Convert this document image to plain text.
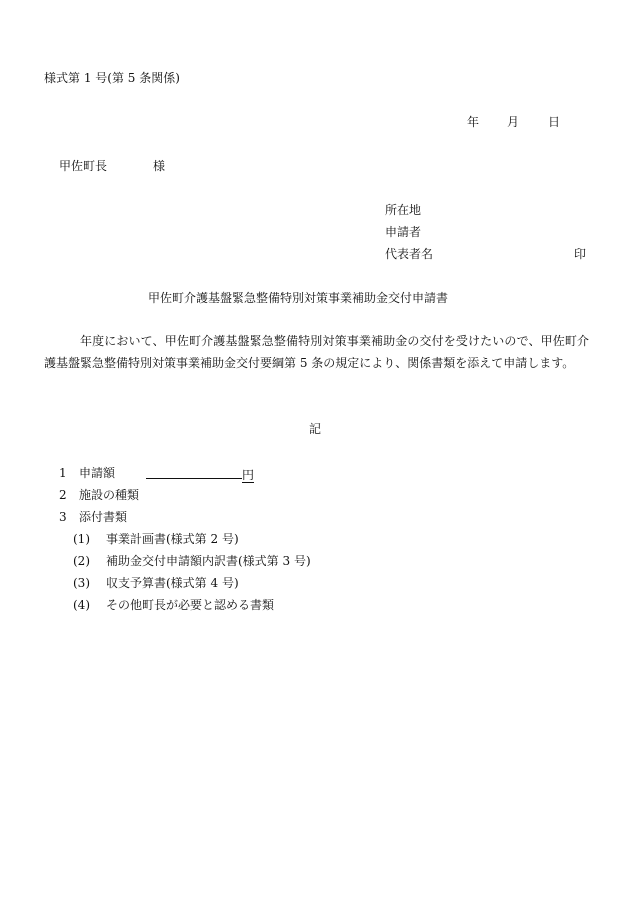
様式第 1 号(第 5 条関係)
年 月 日
甲佐町長	様
所在地
申請者
代表者名	印
甲佐町介護基盤緊急整備特別対策事業補助金交付申請書
年度において、甲佐町介護基盤緊急整備特別対策事業補助金の交付を受けたいので、甲佐町介護基盤緊急整備特別対策事業補助金交付要綱第 5 条の規定により、関係書類を添えて申請します。
記
1 申請額	円
2 施設の種類
3 添付書類
(1) 事業計画書(様式第 2 号)
(2) 補助金交付申請額内訳書(様式第 3 号)
(3) 収支予算書(様式第 4 号)
(4) その他町長が必要と認める書類
